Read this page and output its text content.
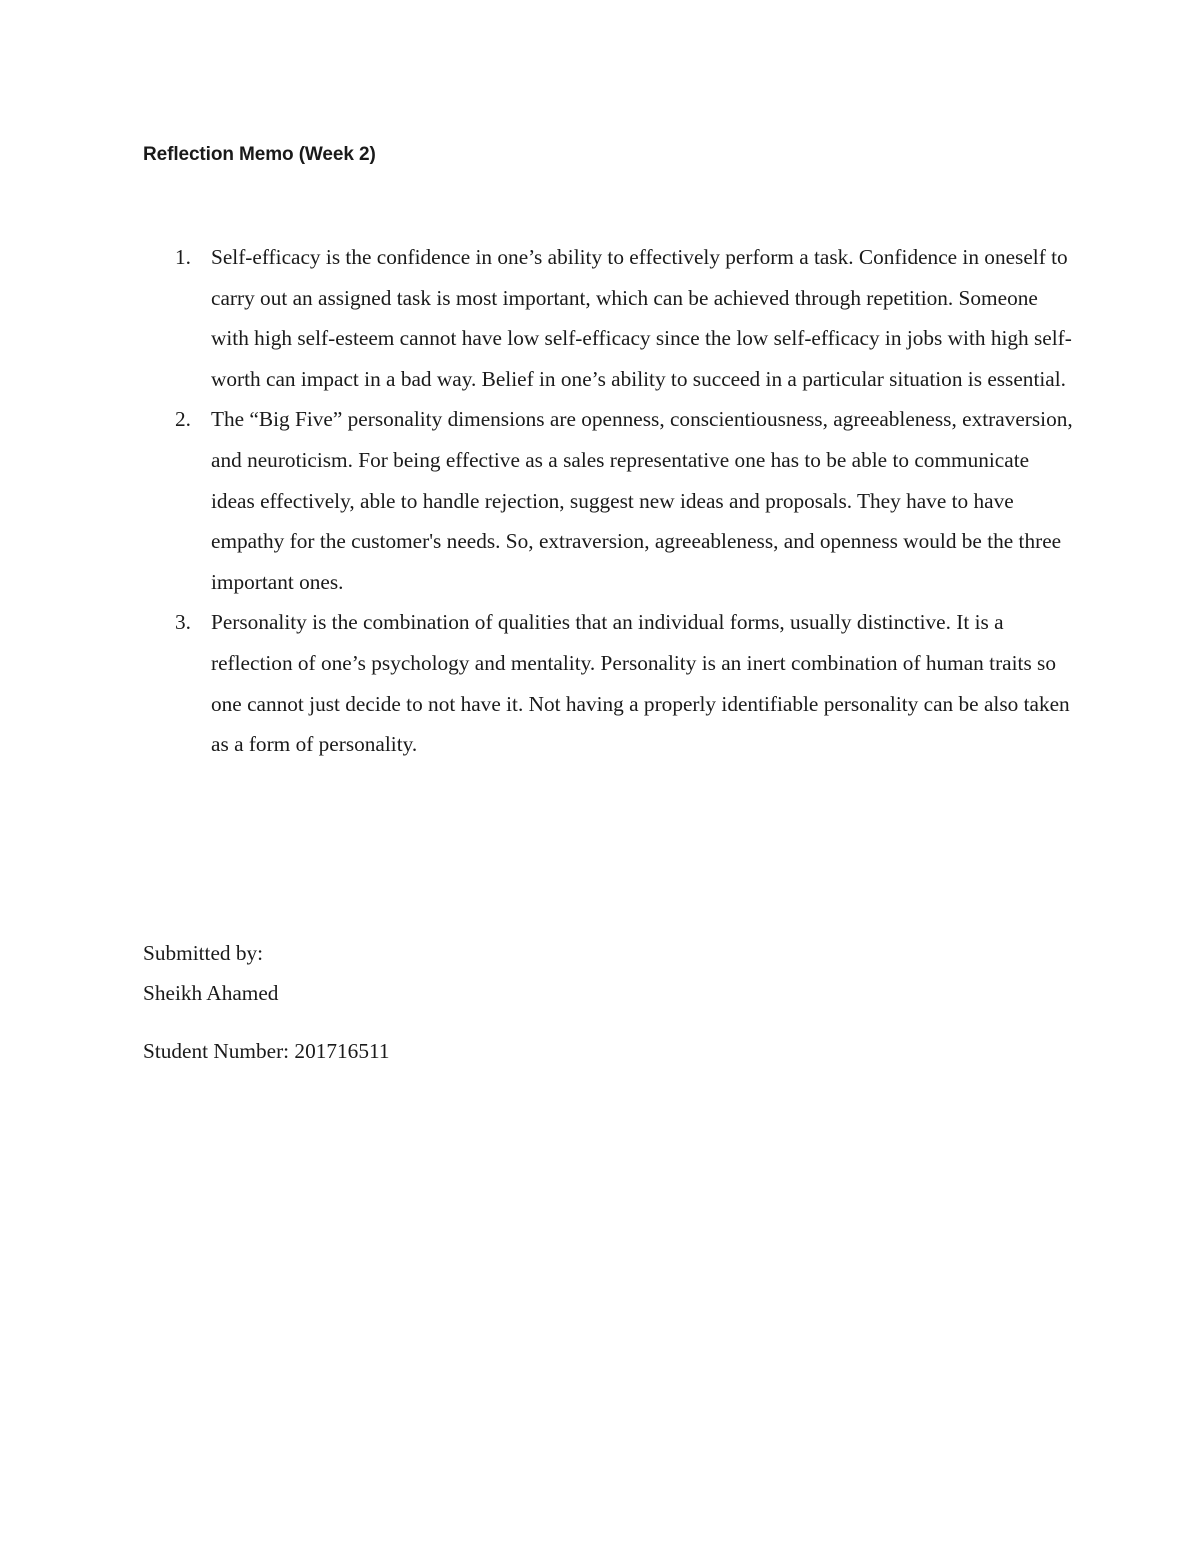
Reflection Memo (Week 2)
1. Self-efficacy is the confidence in one’s ability to effectively perform a task. Confidence in oneself to carry out an assigned task is most important, which can be achieved through repetition. Someone with high self-esteem cannot have low self-efficacy since the low self-efficacy in jobs with high self-worth can impact in a bad way. Belief in one’s ability to succeed in a particular situation is essential.
2. The “Big Five” personality dimensions are openness, conscientiousness, agreeableness, extraversion, and neuroticism. For being effective as a sales representative one has to be able to communicate ideas effectively, able to handle rejection, suggest new ideas and proposals. They have to have empathy for the customer's needs. So, extraversion, agreeableness, and openness would be the three important ones.
3. Personality is the combination of qualities that an individual forms, usually distinctive. It is a reflection of one’s psychology and mentality. Personality is an inert combination of human traits so one cannot just decide to not have it. Not having a properly identifiable personality can be also taken as a form of personality.
Submitted by:
Sheikh Ahamed
Student Number: 201716511
